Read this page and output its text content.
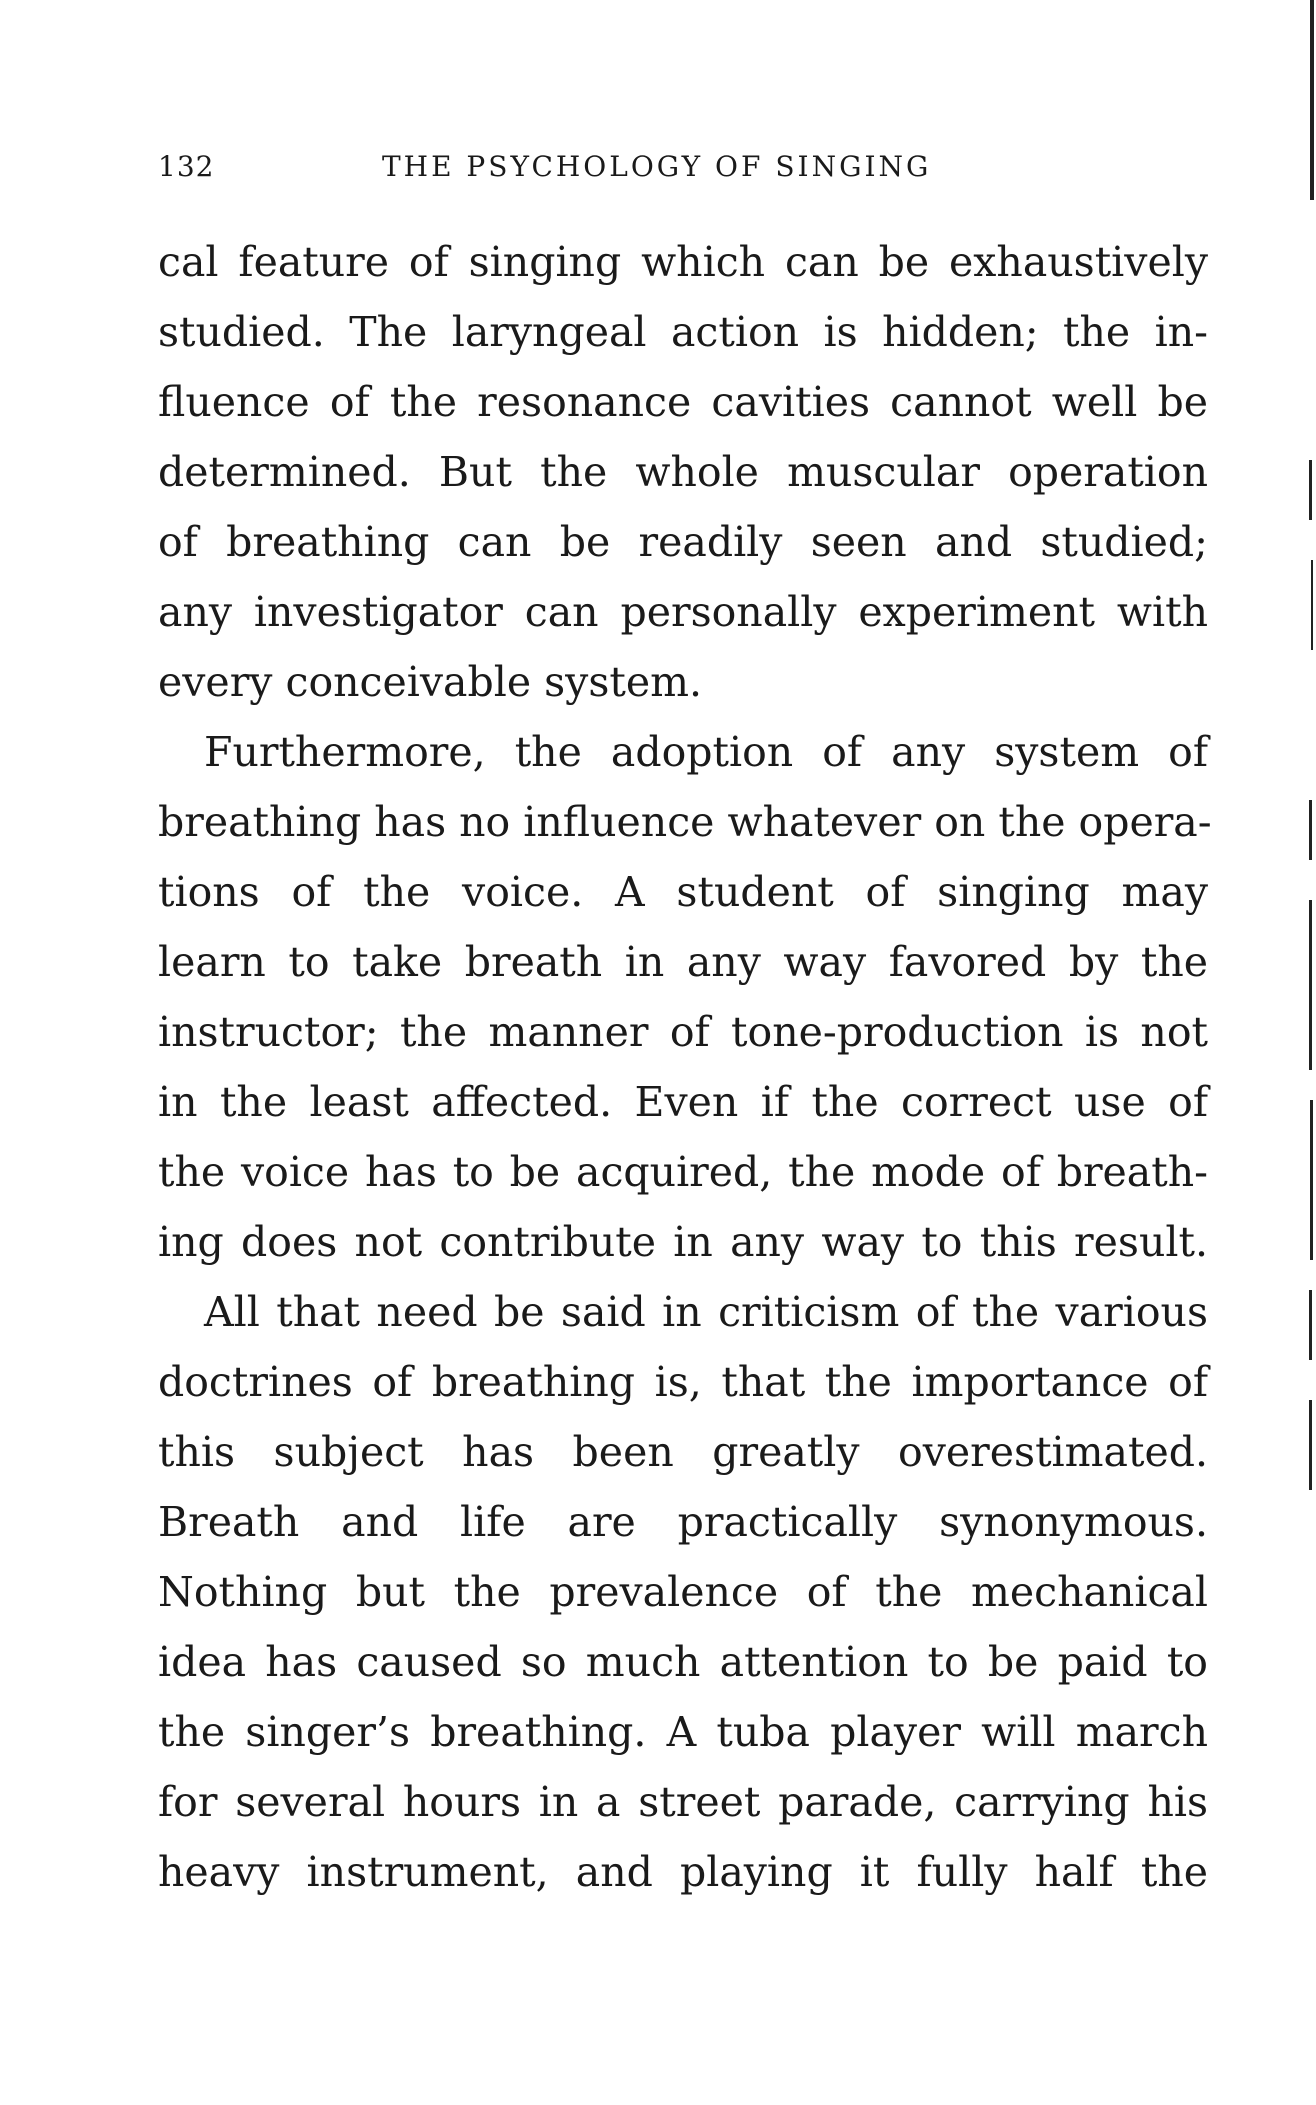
132	THE PSYCHOLOGY OF SINGING
cal feature of singing which can be exhaustively
studied. The laryngeal action is hidden; the in-
fluence of the resonance cavities cannot well be
determined. But the whole muscular operation
of breathing can be readily seen and studied;
any investigator can personally experiment with
every conceivable system.
Furthermore, the adoption of any system of
breathing has no influence whatever on the opera-
tions of the voice. A student of singing may
learn to take breath in any way favored by the
instructor; the manner of tone-production is not
in the least affected. Even if the correct use of
the voice has to be acquired, the mode of breath-
ing does not contribute in any way to this result.
All that need be said in criticism of the various
doctrines of breathing is, that the importance of
this subject has been greatly overestimated.
Breath and life are practically synonymous.
Nothing but the prevalence of the mechanical
idea has caused so much attention to be paid to
the singer’s breathing. A tuba player will march
for several hours in a street parade, carrying his
heavy instrument, and playing it fully half the
